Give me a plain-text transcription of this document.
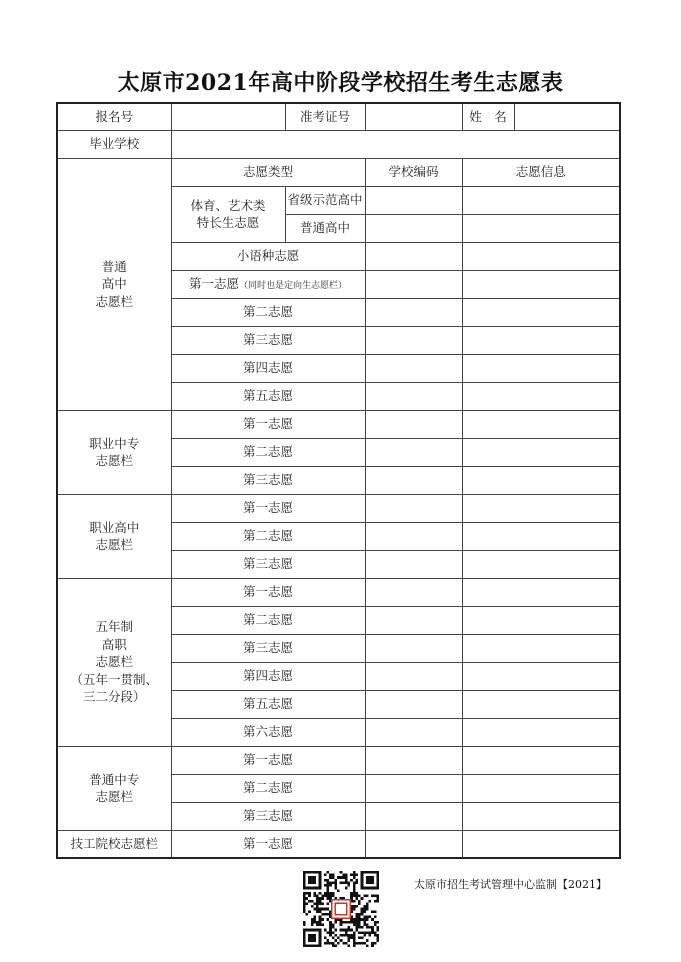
太原市2021年高中阶段学校招生考生志愿表
报名号		准考证号		姓　名	

毕业学校					

普通
高中
志愿栏	志愿类型		学校编码	志愿信息	
	体育、艺术类
特长生志愿	省级示范高中			
		普通高中			
	小语种志愿				
	第一志愿（同时也是定向生志愿栏）				
	第二志愿				
	第三志愿				
	第四志愿				
	第五志愿				

职业中专
志愿栏	第一志愿				
	第二志愿				
	第三志愿				
职业高中
志愿栏	第一志愿				
	第二志愿				
	第三志愿				
五年制
高职
志愿栏
（五年一贯制、
三二分段）	第一志愿				
	第二志愿				
	第三志愿				
	第四志愿				
	第五志愿				
	第六志愿				
普通中专
志愿栏	第一志愿				
	第二志愿				
	第三志愿				
技工院校志愿栏	第一志愿				
太原市招生考试管理中心监制【2021】
